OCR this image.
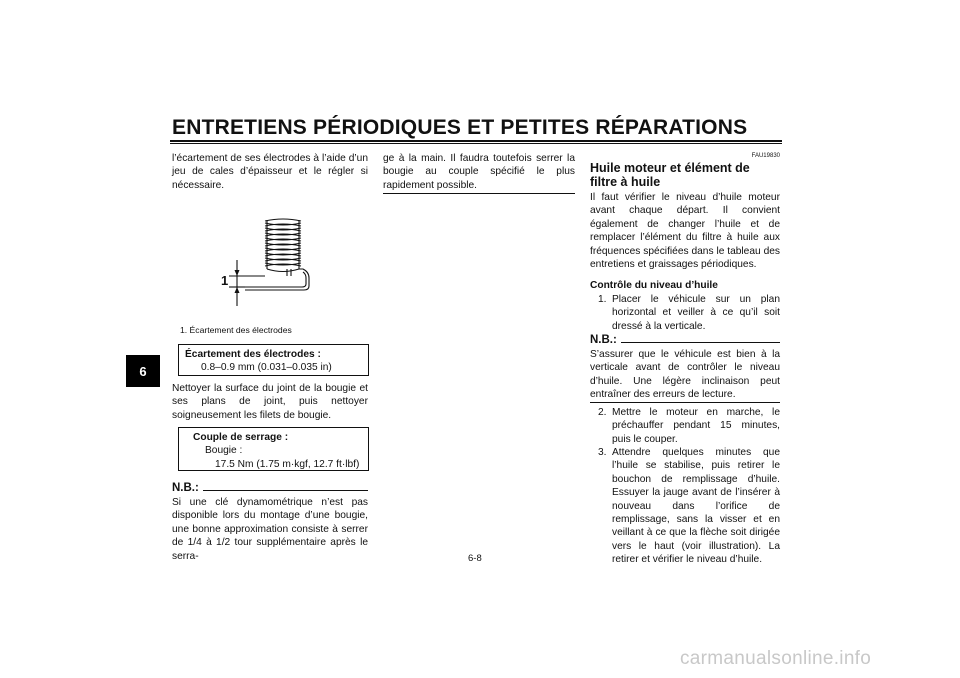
ENTRETIENS PÉRIODIQUES ET PETITES RÉPARATIONS
6

l’écartement de ses électrodes à l’aide d’un jeu de cales d’épaisseur et le régler si nécessaire.

1
1. Écartement des électrodes
Écartement des électrodes :
0.8–0.9 mm (0.031–0.035 in)

Nettoyer la surface du joint de la bougie et ses plans de joint, puis nettoyer soigneusement les filets de bougie.

Couple de serrage :
Bougie :
17.5 Nm (1.75 m·kgf, 12.7 ft·lbf)
N.B.:

Si une clé dynamométrique n’est pas disponible lors du montage d’une bougie, une bonne approximation consiste à serrer de 1/4 à 1/2 tour supplémentaire après le serra-

ge à la main. Il faudra toutefois serrer la bougie au couple spécifié le plus rapidement possible.

FAU19830
Huile moteur et élément de filtre à huile

Il faut vérifier le niveau d’huile moteur avant chaque départ. Il convient également de changer l’huile et de remplacer l’élément du filtre à huile aux fréquences spécifiées dans le tableau des entretiens et graissages périodiques.

Contrôle du niveau d’huile
1. Placer le véhicule sur un plan horizontal et veiller à ce qu’il soit dressé à la verticale.
N.B.:

S’assurer que le véhicule est bien à la verticale avant de contrôler le niveau d’huile. Une légère inclinaison peut entraîner des erreurs de lecture.

2. Mettre le moteur en marche, le préchauffer pendant 15 minutes, puis le couper.
3. Attendre quelques minutes que l’huile se stabilise, puis retirer le bouchon de remplissage d’huile. Essuyer la jauge avant de l’insérer à nouveau dans l’orifice de remplissage, sans la visser et en veillant à ce que la flèche soit dirigée vers le haut (voir illustration). La retirer et vérifier le niveau d’huile.
6-8
carmanualsonline.info
